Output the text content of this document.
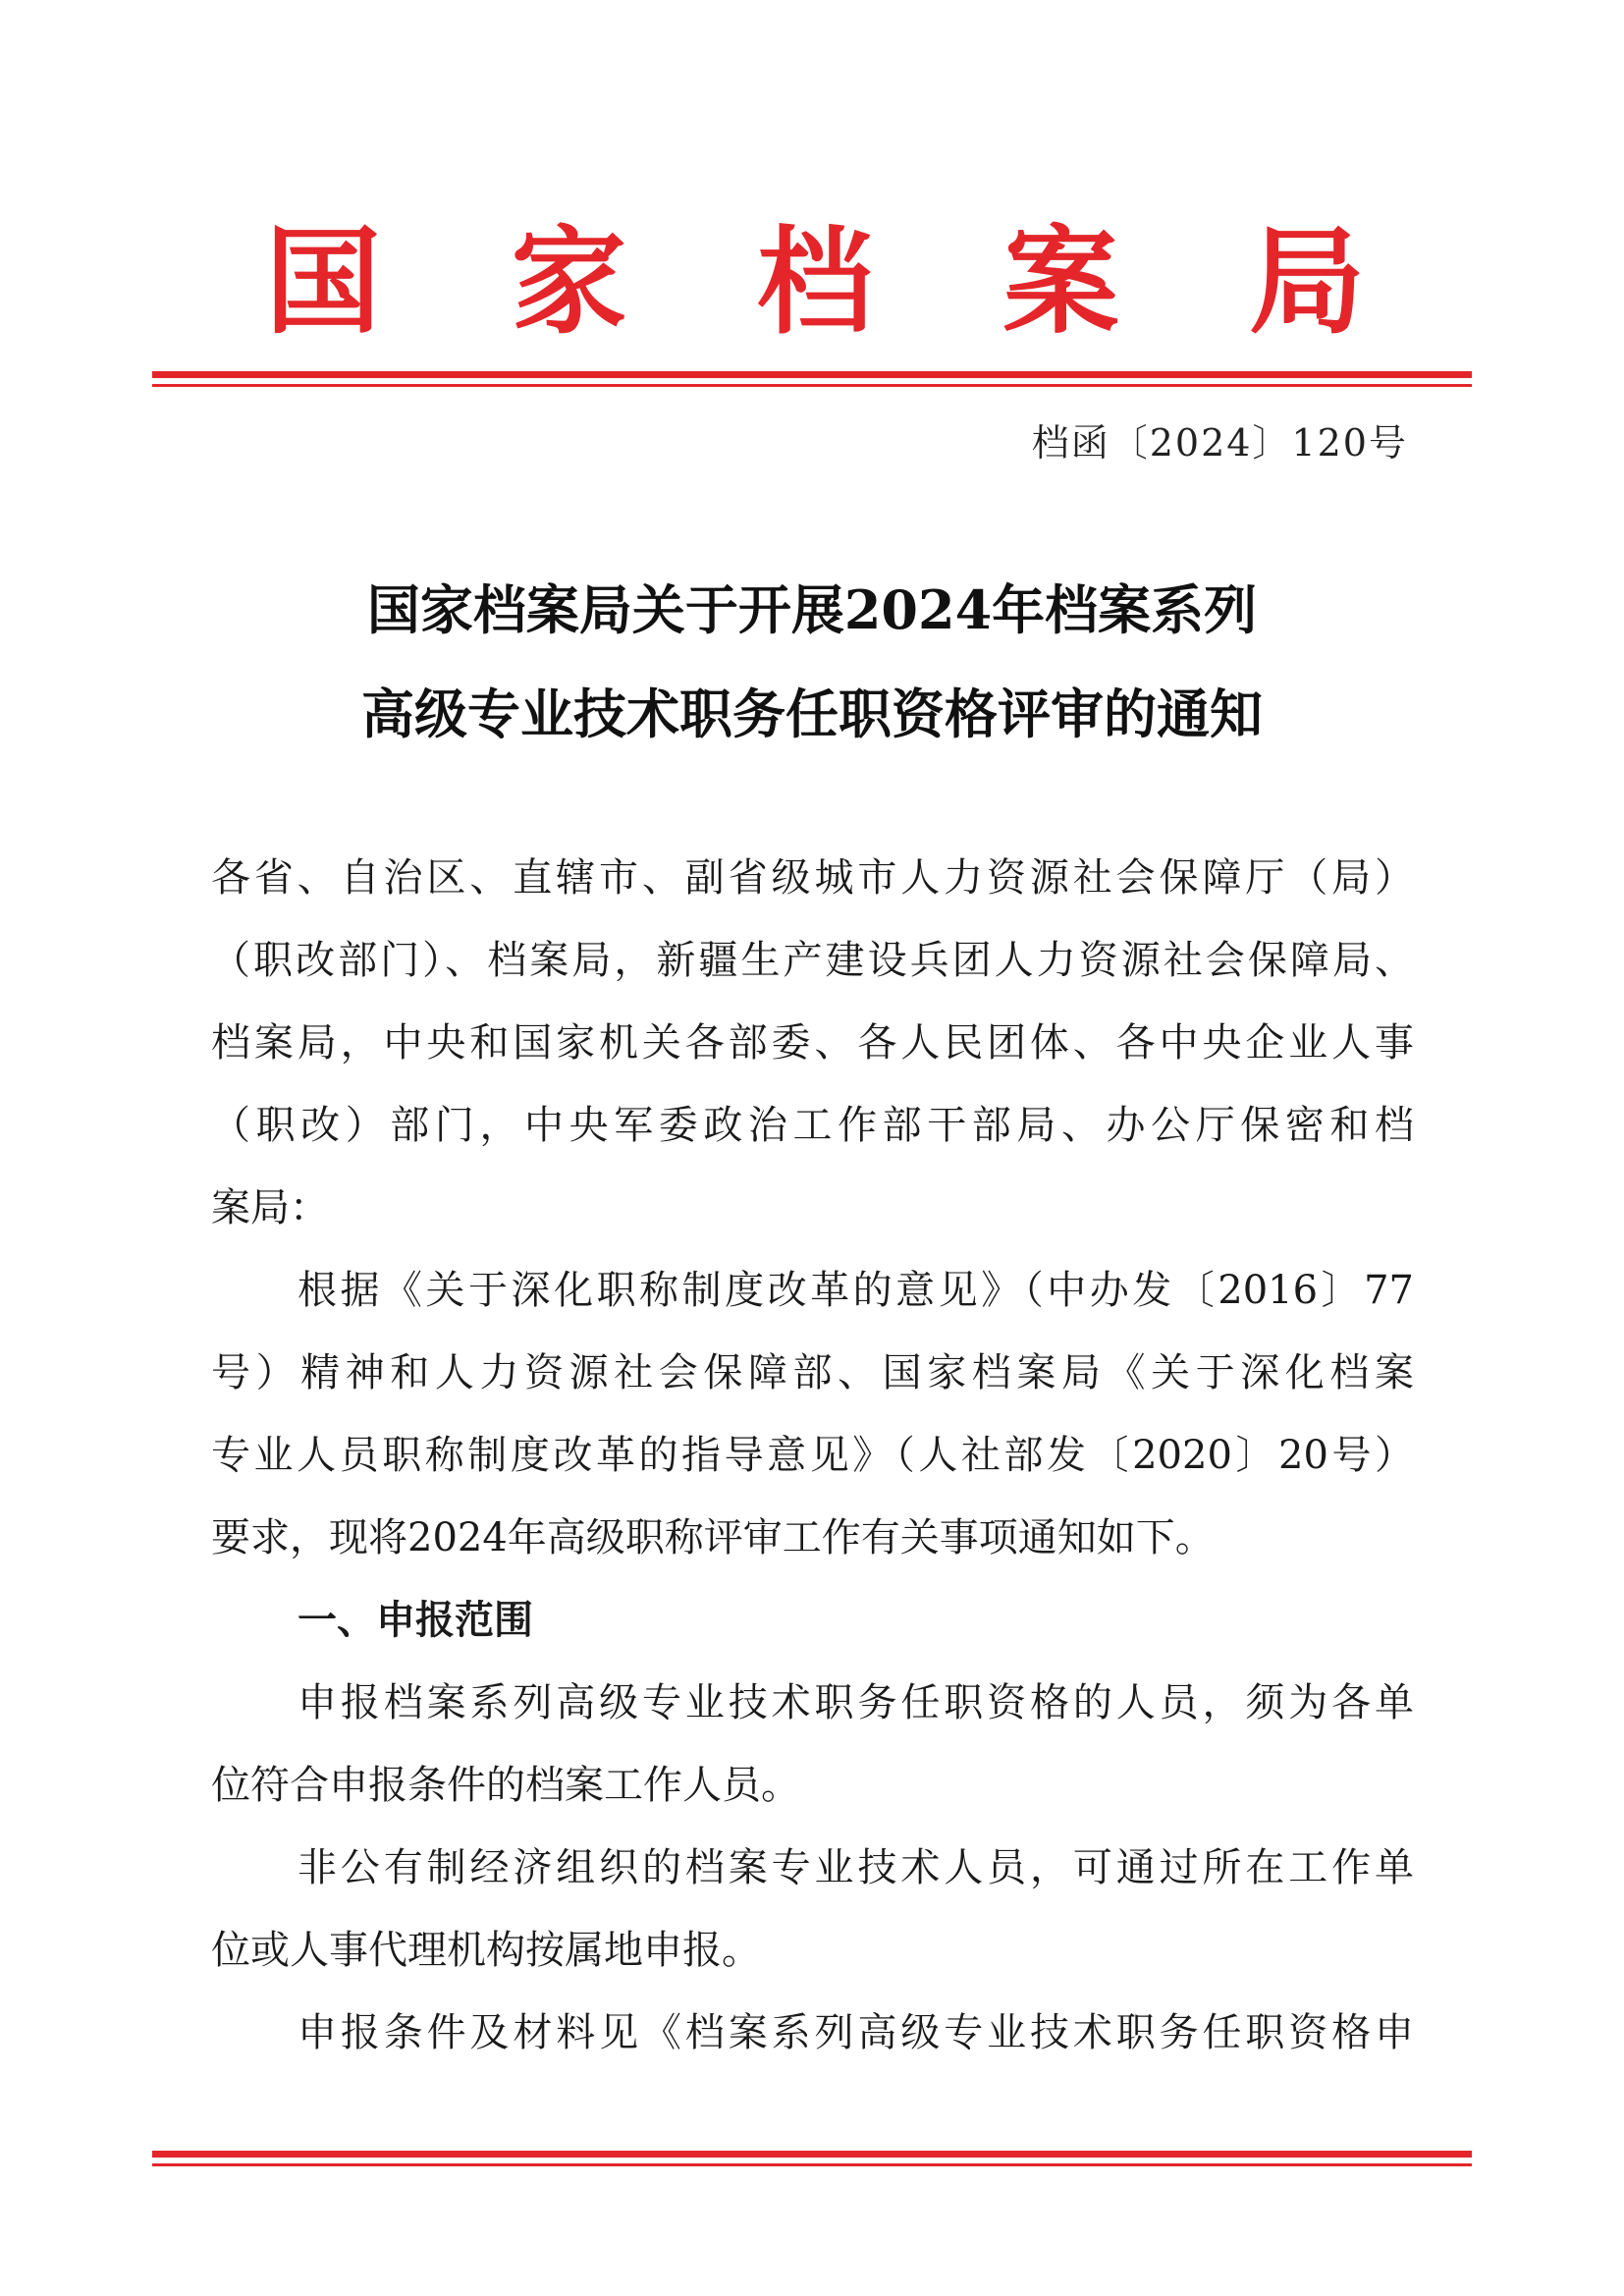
国 家 档 案 局
档函〔2024〕120号
国家档案局关于开展2024年档案系列
高级专业技术职务任职资格评审的通知
各省、自治区、直辖市、副省级城市人力资源社会保障厅（局）
（职改部门）、档案局，新疆生产建设兵团人力资源社会保障局、
档案局，中央和国家机关各部委、各人民团体、各中央企业人事
（职改）部门，中央军委政治工作部干部局、办公厅保密和档
案局：
根据《关于深化职称制度改革的意见》（中办发〔2016〕77
号）精神和人力资源社会保障部、国家档案局《关于深化档案
专业人员职称制度改革的指导意见》（人社部发〔2020〕20号）
要求，现将2024年高级职称评审工作有关事项通知如下。
一、申报范围
申报档案系列高级专业技术职务任职资格的人员，须为各单
位符合申报条件的档案工作人员。
非公有制经济组织的档案专业技术人员，可通过所在工作单
位或人事代理机构按属地申报。
申报条件及材料见《档案系列高级专业技术职务任职资格申
